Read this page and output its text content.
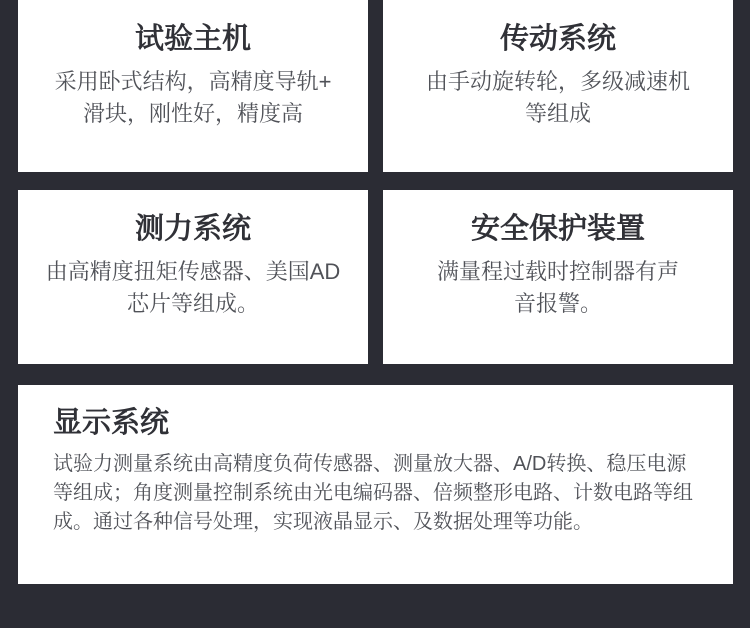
试验主机
采用卧式结构，高精度导轨+
滑块，刚性好，精度高
传动系统
由手动旋转轮，多级减速机
等组成
测力系统
由高精度扭矩传感器、美国AD
芯片等组成。
安全保护装置
满量程过载时控制器有声
音报警。
显示系统
试验力测量系统由高精度负荷传感器、测量放大器、A/D转换、稳压电源等组成；角度测量控制系统由光电编码器、倍频整形电路、计数电路等组成。通过各种信号处理，实现液晶显示、及数据处理等功能。
